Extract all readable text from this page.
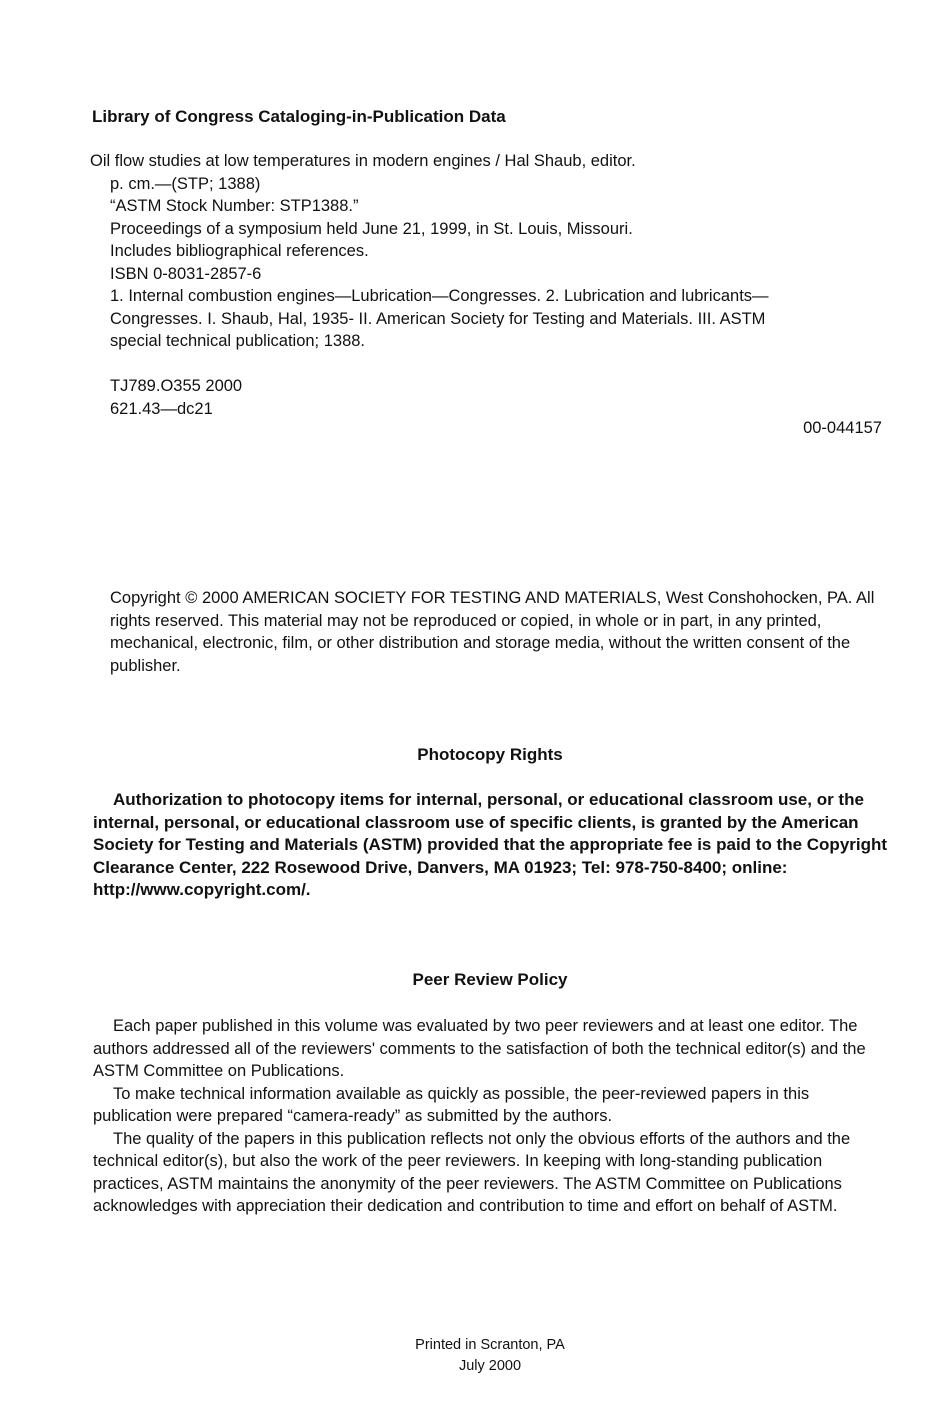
Library of Congress Cataloging-in-Publication Data
Oil flow studies at low temperatures in modern engines / Hal Shaub, editor.
p. cm.—(STP; 1388)
“ASTM Stock Number: STP1388.”
Proceedings of a symposium held June 21, 1999, in St. Louis, Missouri.
Includes bibliographical references.
ISBN 0-8031-2857-6
1. Internal combustion engines—Lubrication—Congresses. 2. Lubrication and lubricants—Congresses. I. Shaub, Hal, 1935- II. American Society for Testing and Materials. III. ASTM special technical publication; 1388.
TJ789.O355 2000
621.43—dc21
00-044157
Copyright © 2000 AMERICAN SOCIETY FOR TESTING AND MATERIALS, West Conshohocken, PA. All rights reserved. This material may not be reproduced or copied, in whole or in part, in any printed, mechanical, electronic, film, or other distribution and storage media, without the written consent of the publisher.
Photocopy Rights

Authorization to photocopy items for internal, personal, or educational classroom use, or the internal, personal, or educational classroom use of specific clients, is granted by the American Society for Testing and Materials (ASTM) provided that the appropriate fee is paid to the Copyright Clearance Center, 222 Rosewood Drive, Danvers, MA 01923; Tel: 978-750-8400; online: http://www.copyright.com/.

Peer Review Policy

Each paper published in this volume was evaluated by two peer reviewers and at least one editor. The authors addressed all of the reviewers' comments to the satisfaction of both the technical editor(s) and the ASTM Committee on Publications.

To make technical information available as quickly as possible, the peer-reviewed papers in this publication were prepared “camera-ready” as submitted by the authors.

The quality of the papers in this publication reflects not only the obvious efforts of the authors and the technical editor(s), but also the work of the peer reviewers. In keeping with long-standing publication practices, ASTM maintains the anonymity of the peer reviewers. The ASTM Committee on Publications acknowledges with appreciation their dedication and contribution to time and effort on behalf of ASTM.

Printed in Scranton, PA
July 2000
